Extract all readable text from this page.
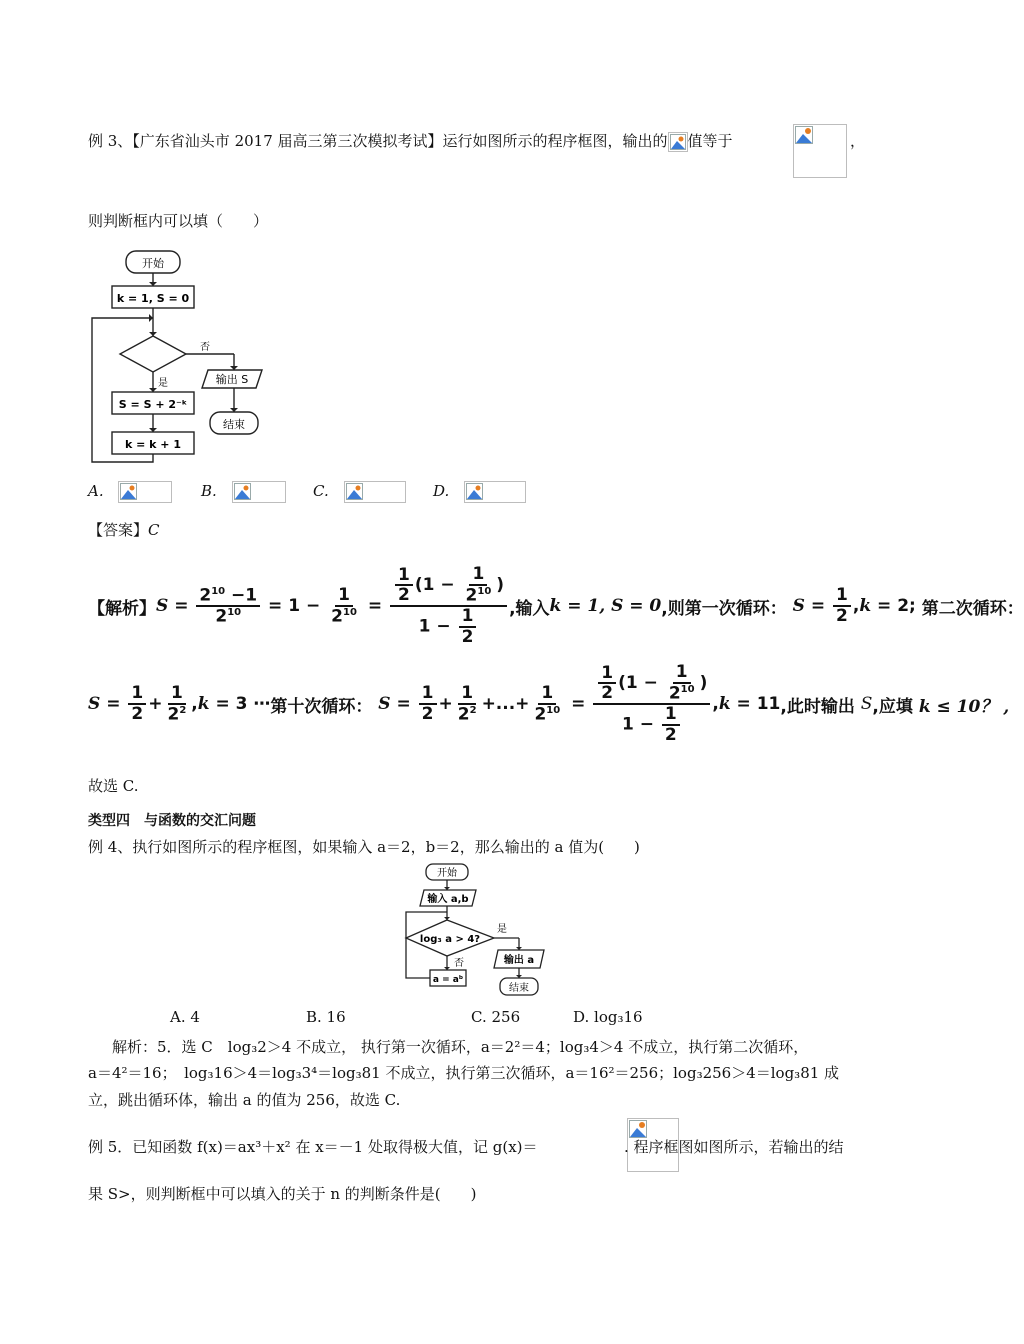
例 3、【广东省汕头市 2017 届高三第三次模拟考试】运行如图所示的程序框图，输出的 值等于
	，
则判断框内可以填（　　）
开始
k = 1, S = 0
否
是	输出 S
S = S + 2⁻ᵏ
k = k + 1
结束
A.	B.	C.	D.
【答案】C
【解析】 $S = \frac{2^{10} -1}{2^{10}} = 1 - \frac{1}{2^{10}} = \frac{\frac{1}{2} (1 - \frac{1}{2^{10}} )}{1 - \frac{1}{2}}$ ,输入 k = 1, S = 0 ,则第一次循环：
$S = \frac{1}{2}$ , k = 2; 第二次循环：
$S = \frac{1}{2} + \frac{1}{2^2}$ , k = 3 ⋯ 第十次循环：
$S = \frac{1}{2} + \frac{1}{2^2}$ +...+ $\frac{1}{2^{10}} = \frac{\frac{1}{2} (1 - \frac{1}{2^{10}} )}{1 - \frac{1}{2}}$ , k = 11 ,此时输出
S ,应填
k ≤ 10？ ,
故选 C.
类型四　与函数的交汇问题
例 4、执行如图所示的程序框图，如果输入 a＝2，b＝2，那么输出的 a 值为(　　)
开始
输入 a,b
log₃ a > 4?
是
否	输出 a
a = aᵇ
结束
A. 4	B. 16	C. 256	D. log₃16
解析：5．选 C　log₃2＞4 不成立， 执行第一次循环，a＝2²＝4；log₃4＞4 不成立，执行第二次循环，
a＝4²＝16；　log₃16＞4＝log₃3⁴＝log₃81 不成立，执行第三次循环，a＝16²＝256；log₃256＞4＝log₃81 成
立，跳出循环体，输出 a 的值为 256，故选 C.
例 5．已知函数 f(x)＝ax³＋x² 在 x＝－1 处取得极大值，记 g(x)＝	. 程序框图如图所示，若输出的结
果 S>，则判断框中可以填入的关于 n 的判断条件是(　　)
